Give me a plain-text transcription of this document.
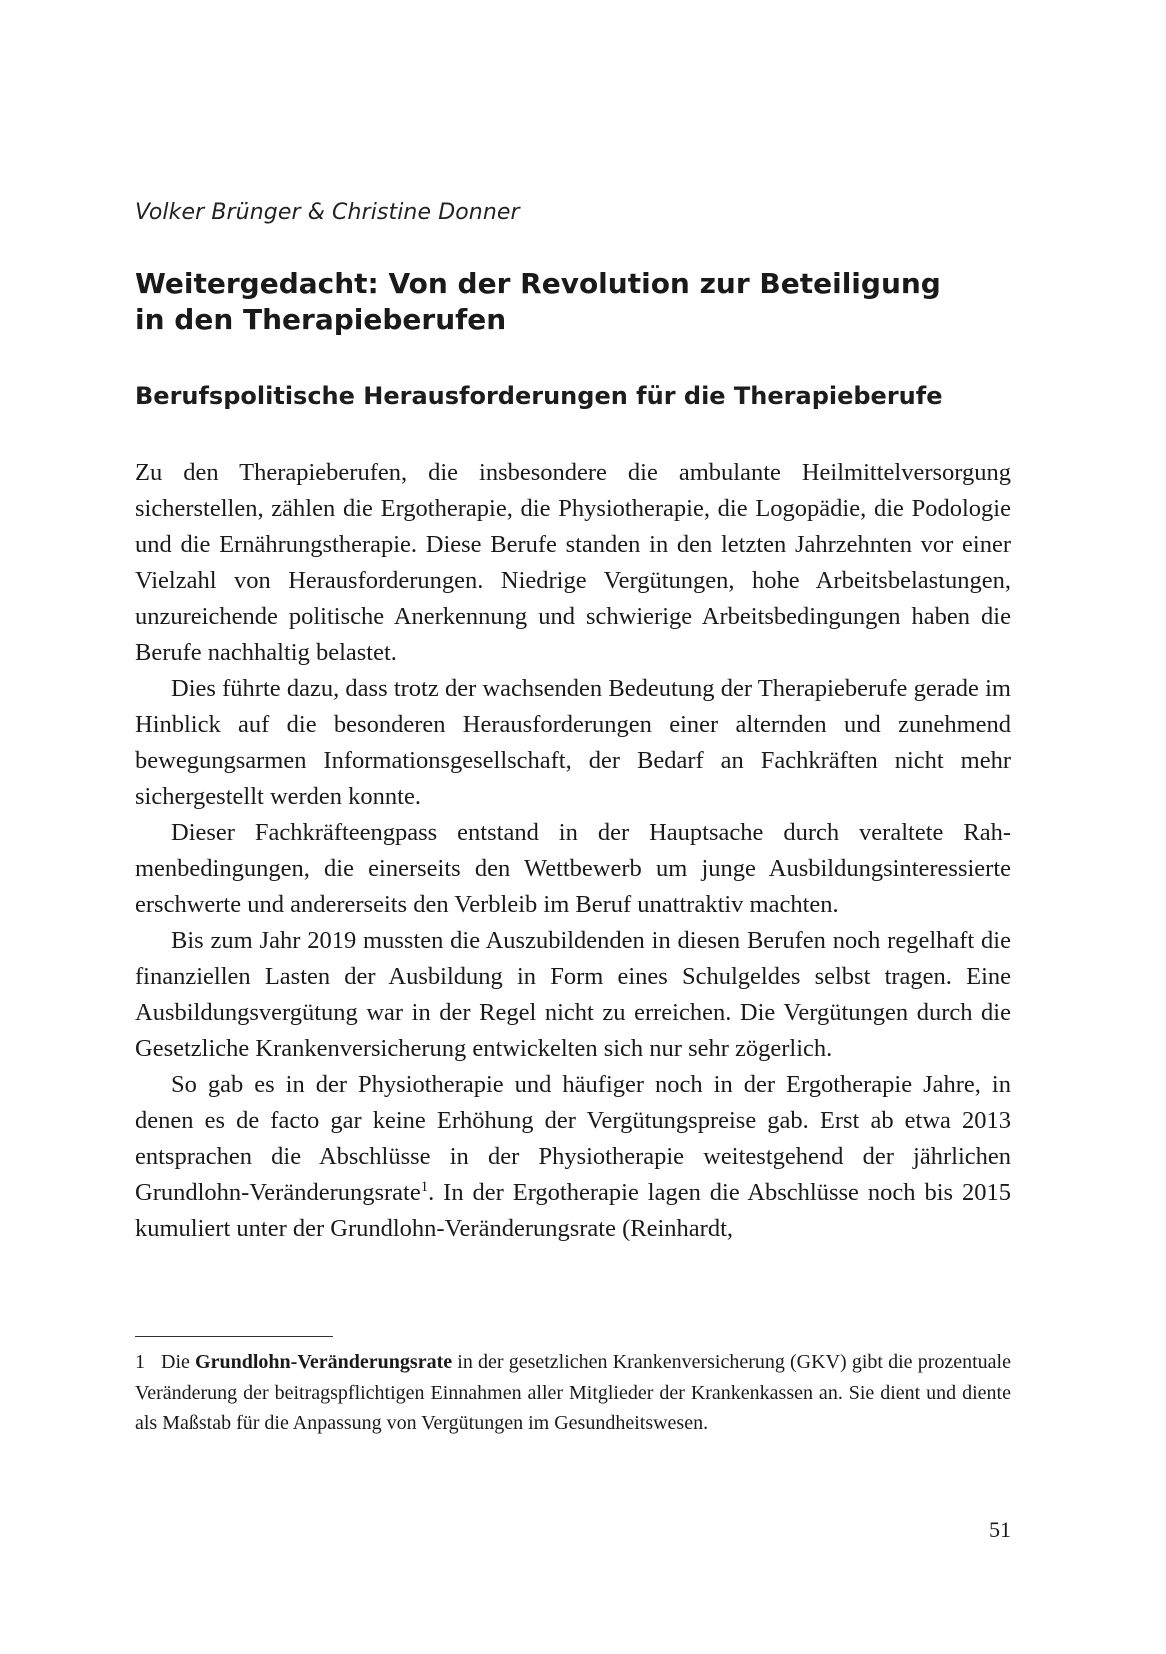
Volker Brünger & Christine Donner
Weitergedacht: Von der Revolution zur Beteiligung
in den Therapieberufen
Berufspolitische Herausforderungen für die Therapieberufe

Zu den Therapieberufen, die insbesondere die ambulante Heilmittelversorgung sicherstellen, zählen die Ergotherapie, die Physiotherapie, die Logopädie, die Podologie und die Ernährungstherapie. Diese Berufe standen in den letzten Jahrzehnten vor einer Vielzahl von Herausforderungen. Niedrige Vergütungen, hohe Arbeitsbelastungen, unzureichende politische Anerkennung und schwierige Arbeitsbedingungen haben die Berufe nachhaltig belastet.

Dies führte dazu, dass trotz der wachsenden Bedeutung der Therapieberufe gerade im Hinblick auf die besonderen Herausforderungen einer alternden und zunehmend bewegungsarmen Informationsgesellschaft, der Bedarf an Fachkräften nicht mehr sichergestellt werden konnte.

Dieser Fachkräfteengpass entstand in der Hauptsache durch veraltete Rahmenbedingungen, die einerseits den Wettbewerb um junge Ausbildungsinteressierte erschwerte und andererseits den Verbleib im Beruf unattraktiv machten.

Bis zum Jahr 2019 mussten die Auszubildenden in diesen Berufen noch regelhaft die finanziellen Lasten der Ausbildung in Form eines Schulgeldes selbst tragen. Eine Ausbildungsvergütung war in der Regel nicht zu erreichen. Die Vergütungen durch die Gesetzliche Krankenversicherung entwickelten sich nur sehr zögerlich.

So gab es in der Physiotherapie und häufiger noch in der Ergotherapie Jahre, in denen es de facto gar keine Erhöhung der Vergütungspreise gab. Erst ab etwa 2013 entsprachen die Abschlüsse in der Physiotherapie weitestgehend der jährlichen Grundlohn-Veränderungsrate$^1$. In der Ergotherapie lagen die Abschlüsse noch bis 2015 kumuliert unter der Grundlohn-Veränderungsrate (Reinhardt,

1 Die Grundlohn-Veränderungsrate in der gesetzlichen Krankenversicherung (GKV) gibt die prozentuale Veränderung der beitragspflichtigen Einnahmen aller Mitglieder der Krankenkassen an. Sie dient und diente als Maßstab für die Anpassung von Vergütungen im Gesundheitswesen.
51
